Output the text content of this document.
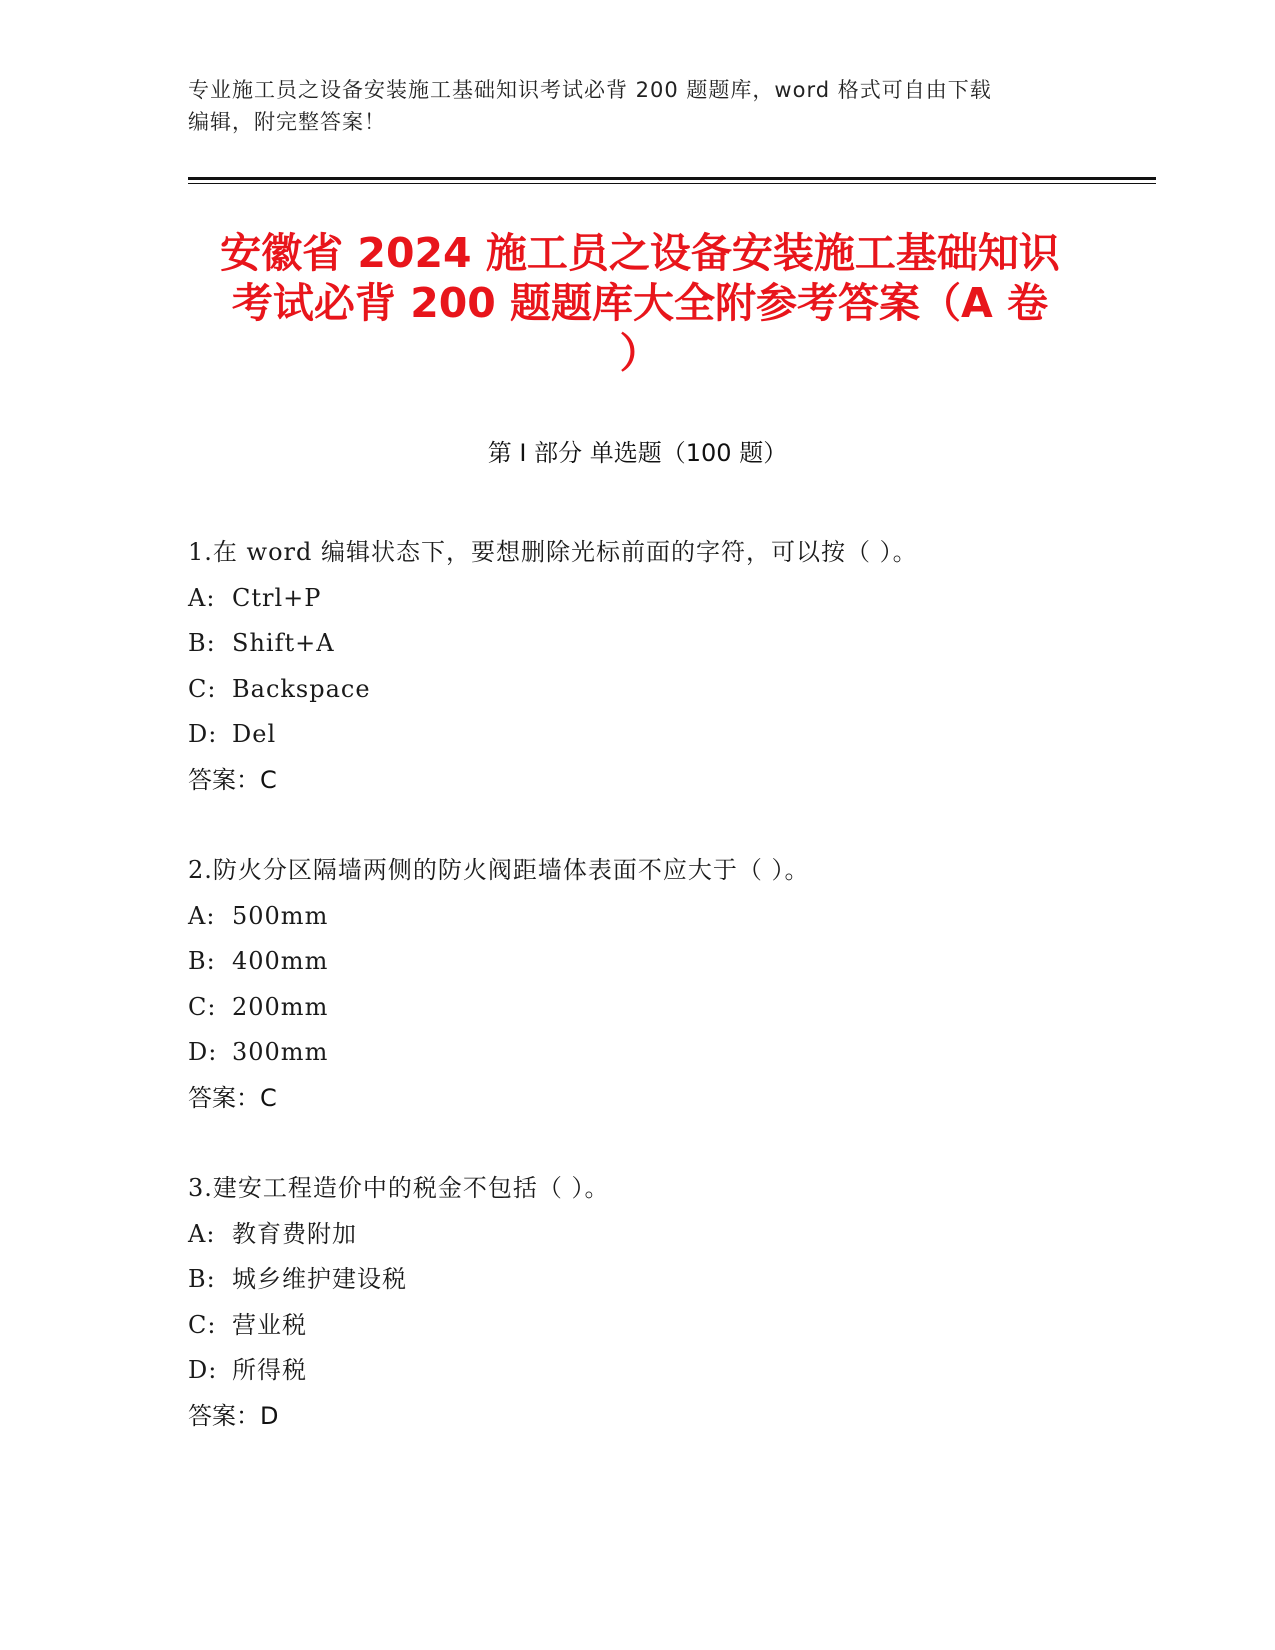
专业施工员之设备安装施工基础知识考试必背 200 题题库，word 格式可自由下载
编辑，附完整答案！
安徽省 2024 施工员之设备安装施工基础知识
考试必背 200 题题库大全附参考答案（A 卷
）
第 I 部分 单选题（100 题）
1.在 word 编辑状态下，要想删除光标前面的字符，可以按（ ）。
A: Ctrl+P
B: Shift+A
C: Backspace
D: Del
答案：C
2.防火分区隔墙两侧的防火阀距墙体表面不应大于（ ）。
A: 500mm
B: 400mm
C: 200mm
D: 300mm
答案：C
3.建安工程造价中的税金不包括（ ）。
A: 教育费附加
B: 城乡维护建设税
C: 营业税
D: 所得税
答案：D
